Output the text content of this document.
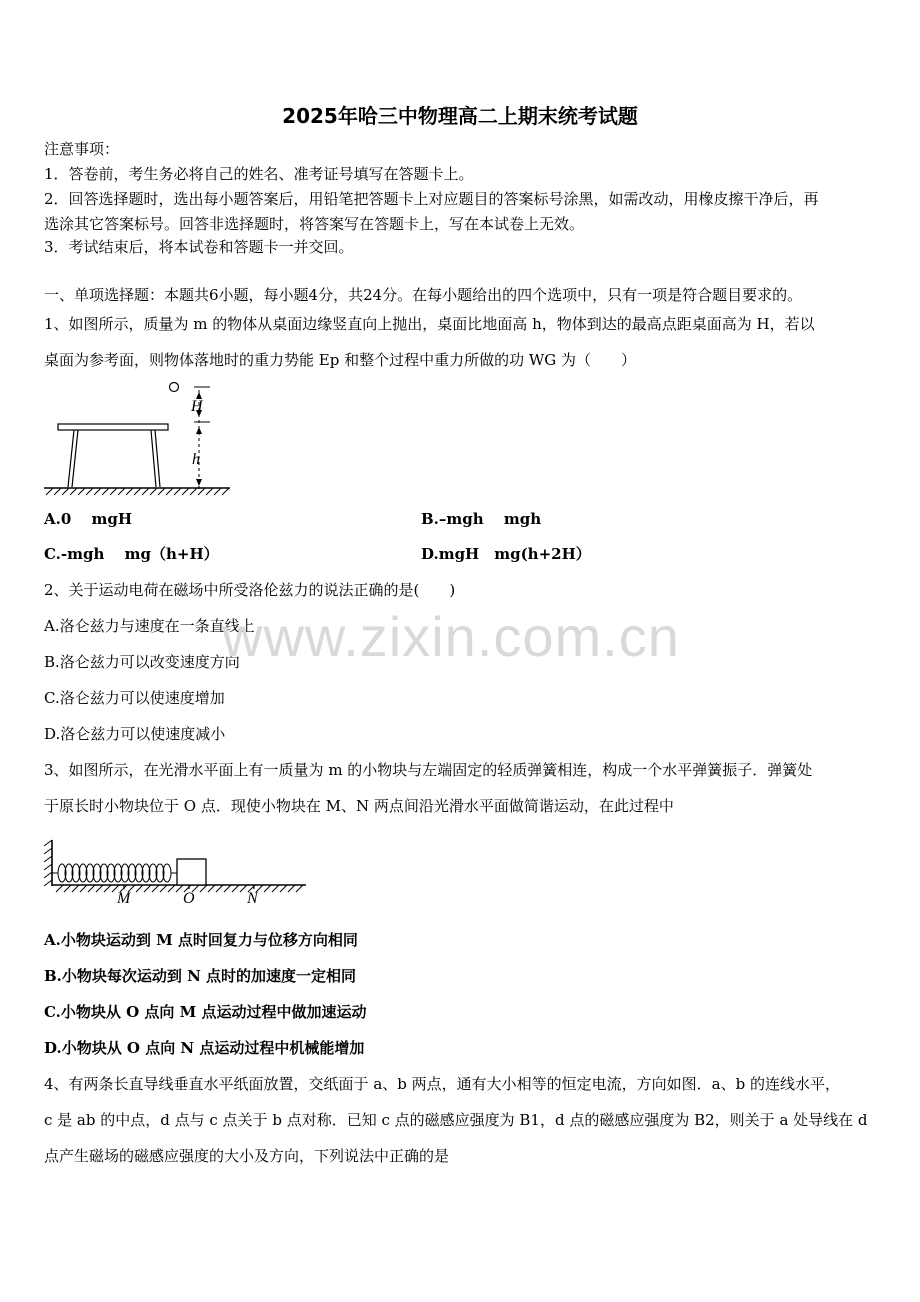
2025年哈三中物理高二上期末统考试题
注意事项：
1．答卷前，考生务必将自己的姓名、准考证号填写在答题卡上。
2．回答选择题时，选出每小题答案后，用铅笔把答题卡上对应题目的答案标号涂黑，如需改动，用橡皮擦干净后，再
选涂其它答案标号。回答非选择题时，将答案写在答题卡上，写在本试卷上无效。
3．考试结束后，将本试卷和答题卡一并交回。
一、单项选择题：本题共6小题，每小题4分，共24分。在每小题给出的四个选项中，只有一项是符合题目要求的。
1、如图所示，质量为 m 的物体从桌面边缘竖直向上抛出，桌面比地面高 h，物体到达的最高点距桌面高为 H，若以
桌面为参考面，则物体落地时的重力势能 Ep 和整个过程中重力所做的功 WG 为（　　）
H
h
A.0　 mgH	B.–mgh　 mgh
C.-mgh　 mg（h+H）	D.mgH　mg(h+2H）
2、关于运动电荷在磁场中所受洛伦兹力的说法正确的是(　　)
A.洛仑兹力与速度在一条直线上
B.洛仑兹力可以改变速度方向
C.洛仑兹力可以使速度增加
D.洛仑兹力可以使速度减小
www.zixin.com.cn
3、如图所示，在光滑水平面上有一质量为 m 的小物块与左端固定的轻质弹簧相连，构成一个水平弹簧振子．弹簧处
于原长时小物块位于 O 点．现使小物块在 M、N 两点间沿光滑水平面做简谐运动，在此过程中
M	O	N
A.小物块运动到 M 点时回复力与位移方向相同
B.小物块每次运动到 N 点时的加速度一定相同
C.小物块从 O 点向 M 点运动过程中做加速运动
D.小物块从 O 点向 N 点运动过程中机械能增加
4、有两条长直导线垂直水平纸面放置，交纸面于 a、b 两点，通有大小相等的恒定电流，方向如图．a、b 的连线水平，
c 是 ab 的中点，d 点与 c 点关于 b 点对称．已知 c 点的磁感应强度为 B1，d 点的磁感应强度为 B2，则关于 a 处导线在 d
点产生磁场的磁感应强度的大小及方向，下列说法中正确的是
